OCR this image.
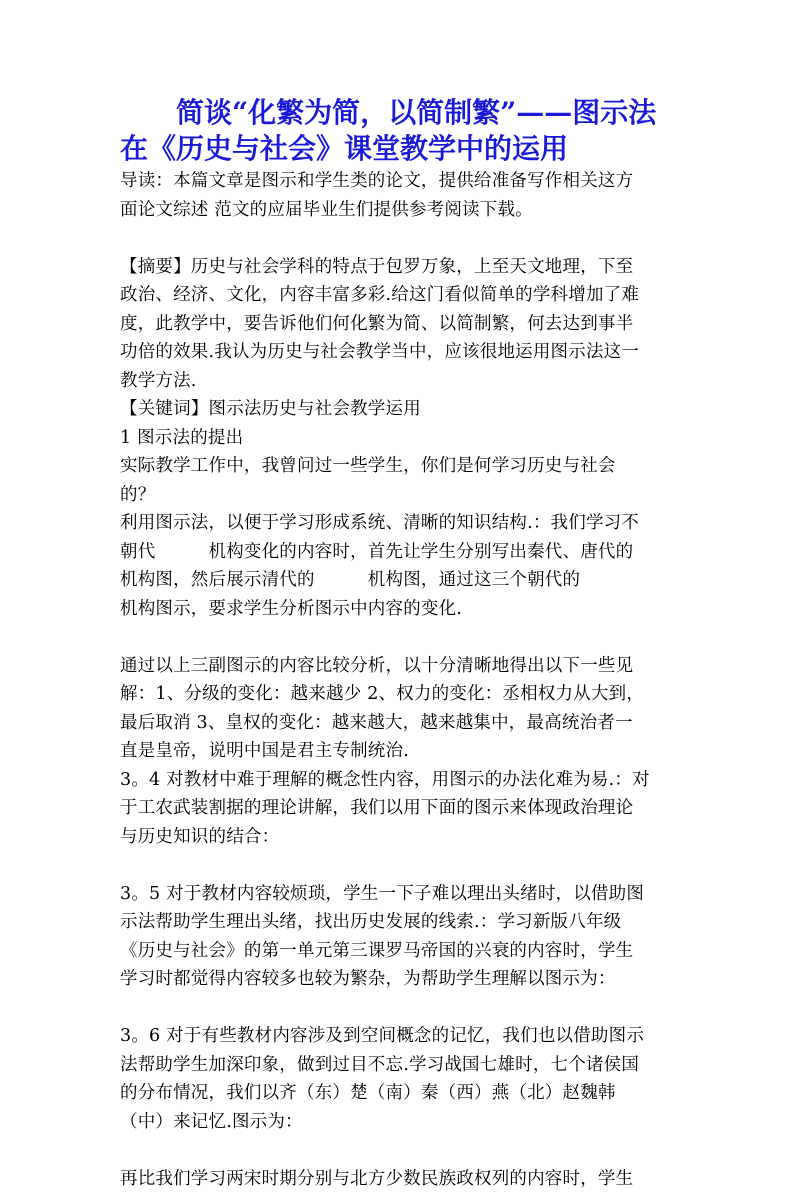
简谈“化繁为简，以简制繁”——图示法
在《历史与社会》课堂教学中的运用
导读：本篇文章是图示和学生类的论文，提供给准备写作相关这方
面论文综述 范文的应届毕业生们提供参考阅读下载。
【摘要】历史与社会学科的特点于包罗万象，上至天文地理，下至
政治、经济、文化，内容丰富多彩.给这门看似简单的学科增加了难
度，此教学中，要告诉他们何化繁为简、以简制繁，何去达到事半
功倍的效果.我认为历史与社会教学当中，应该很地运用图示法这一
教学方法.
【关键词】图示法历史与社会教学运用
1 图示法的提出
实际教学工作中，我曾问过一些学生，你们是何学习历史与社会
的？
利用图示法，以便于学习形成系统、清晰的知识结构.：我们学习不
朝代　　　机构变化的内容时，首先让学生分别写出秦代、唐代的
机构图，然后展示清代的　　　机构图，通过这三个朝代的
机构图示，要求学生分析图示中内容的变化.
通过以上三副图示的内容比较分析，以十分清晰地得出以下一些见
解：1、分级的变化：越来越少 2、权力的变化：丞相权力从大到，
最后取消 3、皇权的变化：越来越大，越来越集中，最高统治者一
直是皇帝，说明中国是君主专制统治.
3。4 对教材中难于理解的概念性内容，用图示的办法化难为易.：对
于工农武装割据的理论讲解，我们以用下面的图示来体现政治理论
与历史知识的结合：
3。5 对于教材内容较烦琐，学生一下子难以理出头绪时，以借助图
示法帮助学生理出头绪，找出历史发展的线索.：学习新版八年级
《历史与社会》的第一单元第三课罗马帝国的兴衰的内容时，学生
学习时都觉得内容较多也较为繁杂，为帮助学生理解以图示为：
3。6 对于有些教材内容涉及到空间概念的记忆，我们也以借助图示
法帮助学生加深印象，做到过目不忘.学习战国七雄时，七个诸侯国
的分布情况，我们以齐（东）楚（南）秦（西）燕（北）赵魏韩
（中）来记忆.图示为：
再比我们学习两宋时期分别与北方少数民族政权列的内容时，学生
